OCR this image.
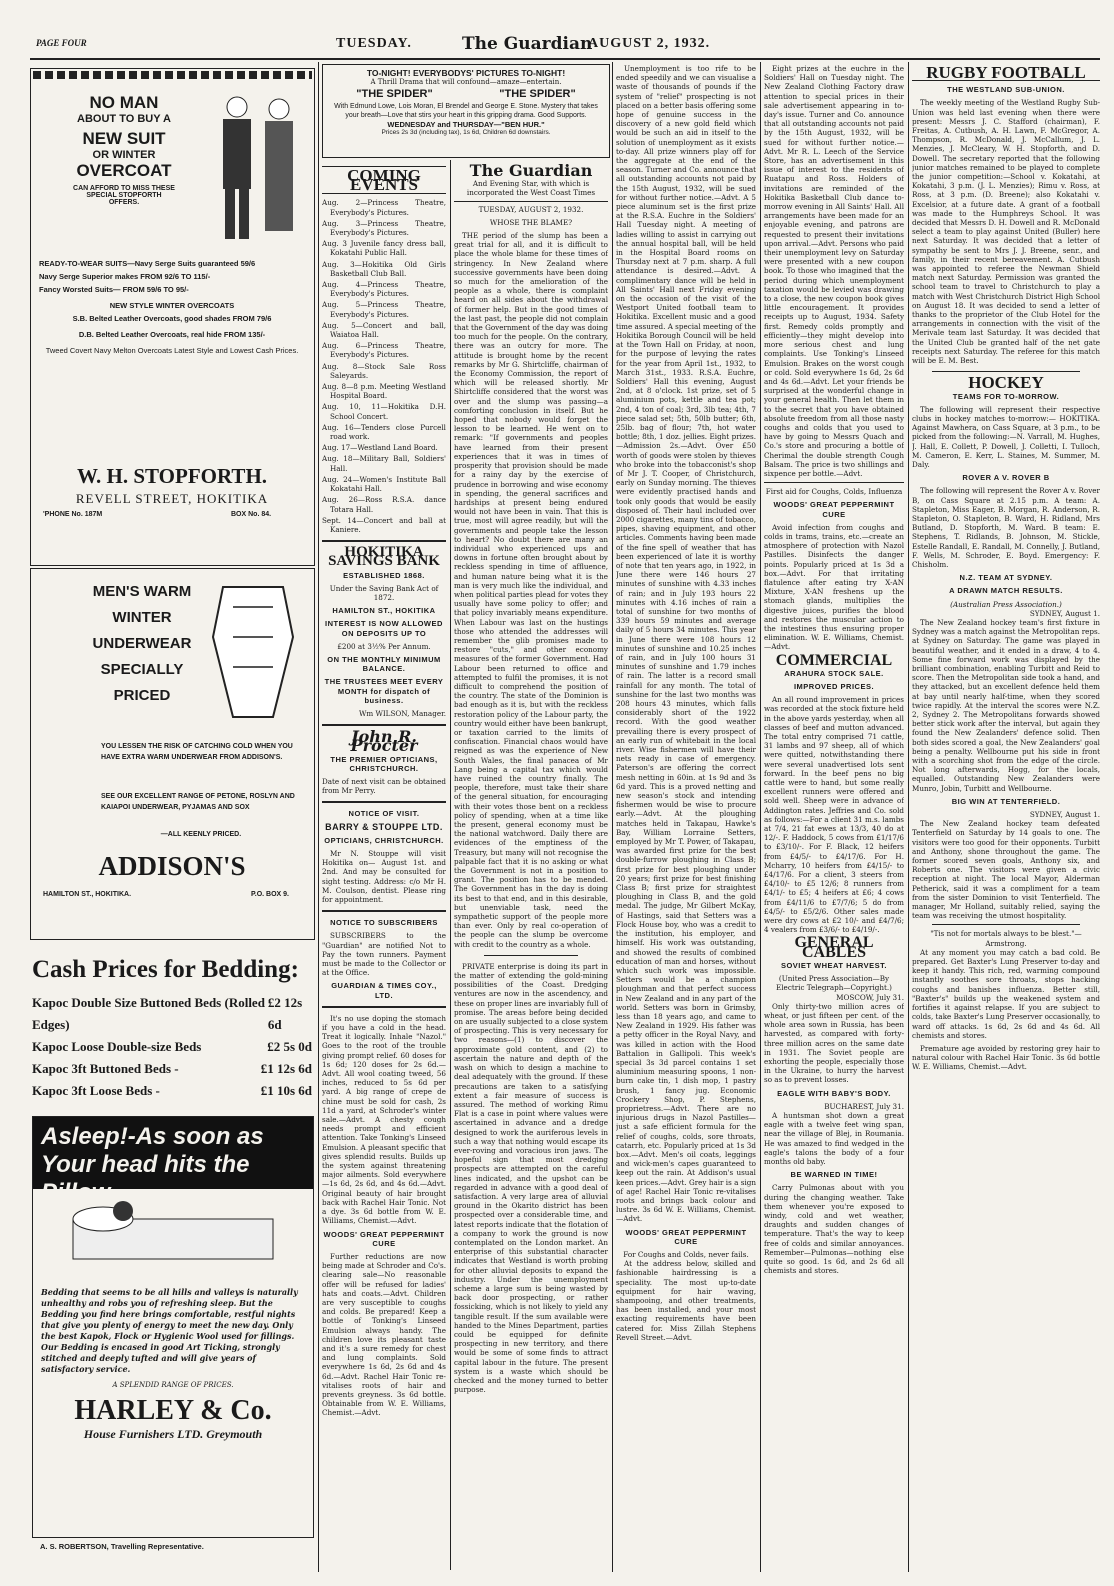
PAGE FOUR	TUESDAY.	The Guardian
AUGUST 2, 1932.
NO MAN
ABOUT TO BUY A
NEW SUIT
OR WINTER
OVERCOAT
CAN AFFORD TO MISS THESE
SPECIAL STOPFORTH
OFFERS.
READY-TO-WEAR SUITS—Navy Serge Suits guaranteed 59/6
Navy Serge Superior makes FROM 92/6 TO 115/-
Fancy Worsted Suits— FROM 59/6 TO 95/-
NEW STYLE WINTER OVERCOATS
S.B. Belted Leather Overcoats, good shades FROM 79/6
D.B. Belted Leather Overcoats, real hide FROM 135/-
Tweed Covert Navy Melton Overcoats Latest Style and Lowest Cash Prices.
W. H. STOPFORTH.
REVELL STREET, HOKITIKA
'PHONE No. 187M	BOX No. 84.
MEN'S WARM
WINTER
UNDERWEAR
SPECIALLY
PRICED
YOU LESSEN THE RISK OF CATCHING COLD WHEN YOU HAVE EXTRA WARM UNDERWEAR FROM ADDISON'S.
SEE OUR EXCELLENT RANGE OF PETONE, ROSLYN AND KAIAPOI UNDERWEAR, PYJAMAS AND SOX
—ALL KEENLY PRICED.
ADDISON'S
HAMILTON ST., HOKITIKA.	P.O. BOX 9.
Cash Prices for Bedding:
Kapoc Double Size Buttoned Beds (Rolled Edges)
£2 12s 6d
Kapoc Loose Double-size Beds	£2 5s 0d
Kapoc 3ft Buttoned Beds -	£1 12s 6d
Kapoc 3ft Loose Beds -	£1 10s 6d
Asleep!-As soon as Your head hits the Pillow
Bedding that seems to be all hills and valleys is naturally unhealthy and robs you of refreshing sleep. But the Bedding you find here brings comfortable, restful nights that give you plenty of energy to meet the new day. Only the best Kapok, Flock or Hygienic Wool used for fillings. Our Bedding is encased in good Art Ticking, strongly stitched and deeply tufted and will give years of satisfactory service.
A SPLENDID RANGE OF PRICES.
HARLEY & Co.
House Furnishers LTD. Greymouth
A. S. ROBERTSON, Travelling Representative.
TO-NIGHT! EVERYBODYS' PICTURES TO-NIGHT!
A Thrill Drama that will confound—amaze—entertain.
"THE SPIDER"	"THE SPIDER"
With Edmund Lowe, Lois Moran, El Brendel and George E. Stone. Mystery that takes your breath—Love that stirs your heart in this gripping drama. Good Supports.
WEDNESDAY and THURSDAY—"BEN HUR."
Prices 2s 3d (including tax), 1s 6d, Children 6d downstairs.
COMING EVENTS
Aug. 2—Princess Theatre, Everybody's Pictures.
Aug. 3—Princess Theatre, Everybody's Pictures.
Aug. 3 Juvenile fancy dress ball, Kokatahi Public Hall.
Aug. 3—Hokitika Old Girls Basketball Club Ball.
Aug. 4—Princess Theatre, Everybody's Pictures.
Aug. 5—Princess Theatre, Everybody's Pictures.
Aug. 5—Concert and ball, Waiatoa Hall.
Aug. 6—Princess Theatre, Everybody's Pictures.
Aug. 8—Stock Sale Ross Saleyards.
Aug. 8—8 p.m. Meeting Westland Hospital Board.
Aug. 10, 11—Hokitika D.H. School Concert.
Aug. 16—Tenders close Purcell road work.
Aug. 17—Westland Land Board.
Aug. 18—Military Ball, Soldiers' Hall.
Aug. 24—Women's Institute Ball Kokatahi Hall.
Aug. 26—Ross R.S.A. dance Totara Hall.
Sept. 14—Concert and ball at Kaniere.
HOKITIKA SAVINGS BANK
ESTABLISHED 1868.
Under the Saving Bank Act of 1872.
HAMILTON ST., HOKITIKA
INTEREST IS NOW ALLOWED ON DEPOSITS UP TO
£200 at 3½% Per Annum.
ON THE MONTHLY MINIMUM BALANCE.
THE TRUSTEES MEET EVERY MONTH for dispatch of business.
Wm WILSON, Manager.
John R. Procter
THE PREMIER OPTICIANS, CHRISTCHURCH.
Date of next visit can be obtained from Mr Perry.
NOTICE OF VISIT.
BARRY & STOUPPE LTD.
OPTICIANS, CHRISTCHURCH.

Mr N. Stouppe will visit Hokitika on— August 1st. and 2nd. And may be consulted for sight testing. Address: c/o Mr H. M. Coulson, dentist. Please ring for appointment.

NOTICE TO SUBSCRIBERS

SUBSCRIBERS to the "Guardian" are notified Not to Pay the town runners. Payment must be made to the Collector or at the Office.

GUARDIAN & TIMES COY., LTD.

It's no use doping the stomach if you have a cold in the head. Treat it logically. Inhale "Nazol." Goes to the root of the trouble giving prompt relief. 60 doses for 1s 6d; 120 doses for 2s 6d.—Advt. All wool coating tweed, 56 inches, reduced to 5s 6d per yard. A big range of crepe de chine must be sold for cash, 2s 11d a yard, at Schroder's winter sale.—Advt. A chesty cough needs prompt and efficient attention. Take Tonking's Linseed Emulsion. A pleasant specific that gives splendid results. Builds up the system against threatening major ailments. Sold everywhere—1s 6d, 2s 6d, and 4s 6d.—Advt. Original beauty of hair brought back with Rachel Hair Tonic. Not a dye. 3s 6d bottle from W. E. Williams, Chemist.—Advt.

WOODS' GREAT PEPPERMINT CURE

Further reductions are now being made at Schroder and Co's. clearing sale—No reasonable offer will be refused for ladies' hats and coats.—Advt. Children are very susceptible to coughs and colds. Be prepared! Keep a bottle of Tonking's Linseed Emulsion always handy. The children love its pleasant taste and it's a sure remedy for chest and lung complaints. Sold everywhere 1s 6d, 2s 6d and 4s 6d.—Advt. Rachel Hair Tonic re-vitalises roots of hair and prevents greyness. 3s 6d bottle. Obtainable from W. E. Williams, Chemist.—Advt.

The Guardian
And Evening Star, with which is incorporated the West Coast Times
TUESDAY, AUGUST 2, 1932.
WHOSE THE BLAME?

THE period of the slump has been a great trial for all, and it is difficult to place the whole blame for these times of stringency. In New Zealand where successive governments have been doing so much for the amelioration of the people as a whole, there is complaint heard on all sides about the withdrawal of former help. But in the good times of the last past, the people did not complain that the Government of the day was doing too much for the people. On the contrary, there was an outcry for more. The attitude is brought home by the recent remarks by Mr G. Shirtcliffe, chairman of the Economy Commission, the report of which will be released shortly. Mr Shirtcliffe considered that the worst was over and the slump was passing—a comforting conclusion in itself. But he hoped that nobody would forget the lesson to be learned. He went on to remark: "If governments and peoples have learned from their present experiences that it was in times of prosperity that provision should be made for a rainy day by the exercise of prudence in borrowing and wise economy in spending, the general sacrifices and hardships at present being endured would not have been in vain. That this is true, most will agree readily, but will the governments and people take the lesson to heart? No doubt there are many an individual who experienced ups and downs in fortune often brought about by reckless spending in time of affluence, and human nature being what it is the man is very much like the individual, and when political parties plead for votes they usually have some policy to offer; and that policy invariably means expenditure. When Labour was last on the hustings those who attended the addresses will remember the glib promises made to restore "cuts," and other economy measures of the former Government. Had Labour been returned to office and attempted to fulfil the promises, it is not difficult to comprehend the position of the country. The state of the Dominion is bad enough as it is, but with the reckless restoration policy of the Labour party, the country would either have been bankrupt, or taxation carried to the limits of confiscation. Financial chaos would have reigned as was the experience of New South Wales, the final panacea of Mr Lang being a capital tax which would have ruined the country finally. The people, therefore, must take their share of the general situation, for encouraging with their votes those bent on a reckless policy of spending, when at a time like the present, general economy must be the national watchword. Daily there are evidences of the emptiness of the Treasury, but many will not recognise the palpable fact that it is no asking or what the Government is not in a position to grant. The position has to be mended. The Government has in the day is doing its best to that end, and in this desirable, but unenviable task, need the sympathetic support of the people more than ever. Only by real co-operation of the people can the slump be overcome with credit to the country as a whole.

PRIVATE enterprise is doing its part in the matter of extending the gold-mining possibilities of the Coast. Dredging ventures are now in the ascendency, and these on proper lines are invariably full of promise. The areas before being decided on are usually subjected to a close system of prospecting. This is very necessary for two reasons—(1) to discover the approximate gold content, and (2) to ascertain the nature and depth of the wash on which to design a machine to deal adequately with the ground. If these precautions are taken to a satisfying extent a fair measure of success is assured. The method of working Rimu Flat is a case in point where values were ascertained in advance and a dredge designed to work the auriferous levels in such a way that nothing would escape its ever-roving and voracious iron jaws. The hopeful sign that most dredging prospects are attempted on the careful lines indicated, and the upshot can be regarded in advance with a good deal of satisfaction. A very large area of alluvial ground in the Okarito district has been prospected over a considerable time, and latest reports indicate that the flotation of a company to work the ground is now contemplated on the London market. An enterprise of this substantial character indicates that Westland is worth probing for other alluvial deposits to expand the industry. Under the unemployment scheme a large sum is being wasted by back door prospecting, or rather fossicking, which is not likely to yield any tangible result. If the sum available were handed to the Mines Department, parties could be equipped for definite prospecting in new territory, and there would be some of some finds to attract capital labour in the future. The present system is a waste which should be checked and the money turned to better purpose.

Unemployment is too rife to be ended speedily and we can visualise a waste of thousands of pounds if the system of "relief" prospecting is not placed on a better basis offering some hope of genuine success in the discovery of a new gold field which would be such an aid in itself to the solution of unemployment as it exists to-day. All prize winners play off for the aggregate at the end of the season. Turner and Co. announce that all outstanding accounts not paid by the 15th August, 1932, will be sued for without further notice.—Advt. A 5 piece aluminum set is the first prize at the R.S.A. Euchre in the Soldiers' Hall Tuesday night. A meeting of ladies willing to assist in carrying out the annual hospital ball, will be held in the Hospital Board rooms on Thursday next at 7 p.m. sharp. A full attendance is desired.—Advt. A complimentary dance will be held in All Saints' Hall next Friday evening on the occasion of the visit of the Westport United football team to Hokitika. Excellent music and a good time assured. A special meeting of the Hokitika Borough Council will be held at the Town Hall on Friday, at noon, for the purpose of levying the rates for the year from April 1st., 1932, to March 31st., 1933. R.S.A. Euchre, Soldiers' Hall this evening, August 2nd, at 8 o'clock. 1st prize, set of 5 aluminium pots, kettle and tea pot; 2nd, 4 ton of coal; 3rd, 3lb tea; 4th, 7 piece salad set; 5th, 50lb butter; 6th, 25lb. bag of flour; 7th, hot water bottle; 8th, 1 doz. jellies. Eight prizes.—Admission 2s.—Advt. Over £50 worth of goods were stolen by thieves who broke into the tobacconist's shop of Mr J. T. Cooper, of Christchurch, early on Sunday morning. The thieves were evidently practised hands and took only goods that would be easily disposed of. Their haul included over 2000 cigarettes, many tins of tobacco, pipes, shaving equipment, and other articles. Comments having been made of the fine spell of weather that has been experienced of late it is worthy of note that ten years ago, in 1922, in June there were 146 hours 27 minutes of sunshine with 4.33 inches of rain; and in July 193 hours 22 minutes with 4.16 inches of rain a total of sunshine for two months of 339 hours 59 minutes and average daily of 5 hours 34 minutes. This year in June there were 108 hours 12 minutes of sunshine and 10.25 inches of rain, and in July 100 hours 31 minutes of sunshine and 1.79 inches of rain. The latter is a record small rainfall for any month. The total of sunshine for the last two months was 208 hours 43 minutes, which falls considerably short of the 1922 record. With the good weather prevailing there is every prospect of an early run of whitebait in the local river. Wise fishermen will have their nets ready in case of emergency. Paterson's are offering the correct mesh netting in 60in. at 1s 9d and 3s 6d yard. This is a proved netting and new season's stock and intending fishermen would be wise to procure early.—Advt. At the ploughing matches held in Takapau, Hawke's Bay, William Lorraine Setters, employed by Mr T. Power, of Takapau, was awarded first prize for the best double-furrow ploughing in Class B; first prize for best ploughing under 20 years; first prize for best finishing Class B; first prize for straightest ploughing in Class B, and the gold medal. The judge, Mr Gilbert McKay, of Hastings, said that Setters was a Flock House boy, who was a credit to the institution, his employer, and himself. His work was outstanding, and showed the results of combined education of man and horses, without which such work was impossible. Setters would be a champion ploughman and that perfect success in New Zealand and in any part of the world. Setters was born in Grimsby, less than 18 years ago, and came to New Zealand in 1929. His father was a petty officer in the Royal Navy, and was killed in action with the Hood Battalion in Gallipoli. This week's special 3s 3d parcel contains 1 set aluminium measuring spoons, 1 non-burn cake tin, 1 dish mop, 1 pastry brush, 1 fancy jug. Economic Crockery Shop, P. Stephens, proprietress.—Advt. There are no injurious drugs in Nazol Pastilles—just a safe efficient formula for the relief of coughs, colds, sore throats, catarrh, etc. Popularly priced at 1s 3d box.—Advt. Men's oil coats, leggings and wick-men's capes guaranteed to keep out the rain. At Addison's usual keen prices.—Advt. Grey hair is a sign of age! Rachel Hair Tonic re-vitalises roots and brings back colour and lustre. 3s 6d W. E. Williams, Chemist.—Advt.

WOODS' GREAT PEPPERMINT CURE
For Coughs and Colds, never fails.

At the address below, skilled and fashionable hairdressing is a speciality. The most up-to-date equipment for hair waving, shampooing, and other treatments, has been installed, and your most exacting requirements have been catered for. Miss Zillah Stephens Revell Street.—Advt.

Eight prizes at the euchre in the Soldiers' Hall on Tuesday night. The New Zealand Clothing Factory draw attention to special prices in their sale advertisement appearing in to-day's issue. Turner and Co. announce that all outstanding accounts not paid by the 15th August, 1932, will be sued for without further notice.—Advt. Mr R. L. Leech of the Service Store, has an advertisement in this issue of interest to the residents of Ruatapu and Ross. Holders of invitations are reminded of the Hokitika Basketball Club dance to-morrow evening in All Saints' Hall. All arrangements have been made for an enjoyable evening, and patrons are requested to present their invitations upon arrival.—Advt. Persons who paid their unemployment levy on Saturday were presented with a new coupon book. To those who imagined that the period during which unemployment taxation would be levied was drawing to a close, the new coupon book gives little encouragement. It provides receipts up to August, 1934. Safety first. Remedy colds promptly and efficiently—they might develop into more serious chest and lung complaints. Use Tonking's Linseed Emulsion. Brakes on the worst cough or cold. Sold everywhere 1s 6d, 2s 6d and 4s 6d.—Advt. Let your friends be surprised at the wonderful change in your general health. Then let them in to the secret that you have obtained absolute freedom from all those nasty coughs and colds that you used to have by going to Messrs Quach and Co.'s store and procuring a bottle of Cherimal the double strength Cough Balsam. The price is two shillings and sixpence per bottle.—Advt.

First aid for Coughs, Colds, Influenza
WOODS' GREAT PEPPERMINT CURE

Avoid infection from coughs and colds in trams, trains, etc.—create an atmosphere of protection with Nazol Pastilles. Disinfects the danger points. Popularly priced at 1s 3d a box.—Advt. For that irritating flatulence after eating try X-AN Mixture, X-AN freshens up the stomach glands, multiplies the digestive juices, purifies the blood and restores the muscular action to the intestines thus ensuring proper elimination. W. E. Williams, Chemist.—Advt.

COMMERCIAL
ARAHURA STOCK SALE.
IMPROVED PRICES.

An all round improvement in prices was recorded at the stock fixture held in the above yards yesterday, when all classes of beef and mutton advanced. The total entry comprised 71 cattle, 31 lambs and 97 sheep, all of which were quitted, notwithstanding there were several unadvertised lots sent forward. In the beef pens no big cattle were to hand, but some really excellent runners were offered and sold well. Sheep were in advance of Addington rates. Jeffries and Co. sold as follows:—For a client 31 m.s. lambs at 7/4, 21 fat ewes at 13/3, 40 do at 12/-. F. Haddock, 5 cows from £1/17/6 to £3/10/-. For F. Black, 12 heifers from £4/5/- to £4/17/6. For H. Mcharry, 10 heifers from £4/15/- to £4/17/6. For a client, 3 steers from £4/10/- to £5 12/6; 8 runners from £4/1/- to £5; 4 heifers at £6; 4 cows from £4/11/6 to £7/7/6; 5 do from £4/5/- to £5/2/6. Other sales made were dry cows at £2 10/- and £4/7/6; 4 vealers from £3/6/- to £4/19/-.

GENERAL CABLES
SOVIET WHEAT HARVEST.
(United Press Association—By Electric Telegraph—Copyright.)
MOSCOW, July 31.

Only thirty-two million acres of wheat, or just fifteen per cent. of the whole area sown in Russia, has been harvested, as compared with forty-three million acres on the same date in 1931. The Soviet people are exhorting the people, especially those in the Ukraine, to hurry the harvest so as to prevent losses.

EAGLE WITH BABY'S BODY.
BUCHAREST, July 31.

A huntsman shot down a great eagle with a twelve feet wing span, near the village of Blej, in Roumania. He was amazed to find wedged in the eagle's talons the body of a four months old baby.

BE WARNED IN TIME!

Carry Pulmonas about with you during the changing weather. Take them whenever you're exposed to windy, cold and wet weather, draughts and sudden changes of temperature. That's the way to keep free of colds and similar annoyances. Remember—Pulmonas—nothing else quite so good. 1s 6d, and 2s 6d all chemists and stores.

RUGBY FOOTBALL
THE WESTLAND SUB-UNION.

The weekly meeting of the Westland Rugby Sub-Union was held last evening when there were present: Messrs J. C. Stafford (chairman), F. Freitas, A. Cutbush, A. H. Lawn, F. McGregor, A. Thompson, R. McDonald, J. McCallum, J. L. Menzies, J. McCleary, W. H. Stopforth, and D. Dowell. The secretary reported that the following junior matches remained to be played to complete the junior competition:—School v. Kokatahi, at Kokatahi, 3 p.m. (J. L. Menzies); Rimu v. Ross, at Ross, at 3 p.m. (D. Breene); also Kokatahi v. Excelsior, at a future date. A grant of a football was made to the Humphreys School. It was decided that Messrs D. H. Dowell and R. McDonald select a team to play against United (Buller) here next Saturday. It was decided that a letter of sympathy be sent to Mrs J. J. Breene, senr., and family, in their recent bereavement. A. Cutbush was appointed to referee the Newman Shield match next Saturday. Permission was granted the school team to travel to Christchurch to play a match with West Christchurch District High School on August 18. It was decided to send a letter of thanks to the proprietor of the Club Hotel for the arrangements in connection with the visit of the Merivale team last Saturday. It was decided that the United Club be granted half of the net gate receipts next Saturday. The referee for this match will be E. M. Best.

HOCKEY
TEAMS FOR TO-MORROW.

The following will represent their respective clubs in hockey matches to-morrow:— HOKITIKA. Against Mawhera, on Cass Square, at 3 p.m., to be picked from the following:—N. Varrall, M. Hughes, J. Hall, E. Collett, P. Dowell, J. Colletti, I. Tulloch, M. Cameron, E. Kerr, L. Staines, M. Summer, M. Daly.

ROVER A V. ROVER B

The following will represent the Rover A v. Rover B, on Cass Square at 2.15 p.m. A team: A. Stapleton, Miss Eager, B. Morgan, R. Anderson, R. Stapleton, O. Stapleton, B. Ward, H. Ridland, Mrs Butland, D. Stopforth, M. Ward. B team: E. Stephens, T. Ridlands, B. Johnson, M. Stickle, Estelle Randall, E. Randall, M. Connelly, J. Butland, F. Wells, M. Schroder, E. Boyd. Emergency: F. Chisholm.

N.Z. TEAM AT SYDNEY.
A DRAWN MATCH RESULTS.
(Australian Press Association.)
SYDNEY, August 1.

The New Zealand hockey team's first fixture in Sydney was a match against the Metropolitan reps. at Sydney on Saturday. The game was played in beautiful weather, and it ended in a draw, 4 to 4. Some fine forward work was displayed by the brilliant combination, enabling Turbitt and Reid to score. Then the Metropolitan side took a hand, and they attacked, but an excellent defence held them at bay until nearly half-time, when they scored twice rapidly. At the interval the scores were N.Z. 2, Sydney 2. The Metropolitans forwards showed better stick work after the interval, but again they found the New Zealanders' defence solid. Then both sides scored a goal, the New Zealanders' goal being a penalty. Wellbourne put his side in front with a scorching shot from the edge of the circle. Not long afterwards, Hogg, for the locals, equalled. Outstanding New Zealanders were Munro, Jobin, Turbitt and Wellbourne.

BIG WIN AT TENTERFIELD.
SYDNEY, August 1.

The New Zealand hockey team defeated Tenterfield on Saturday by 14 goals to one. The visitors were too good for their opponents. Turbitt and Anthony, shone throughout the game. The former scored seven goals, Anthony six, and Roberts one. The visitors were given a civic reception at night. The local Mayor, Alderman Petherick, said it was a compliment for a team from the sister Dominion to visit Tenterfield. The manager, Mr Holland, suitably relied, saying the team was receiving the utmost hospitality.

"Tis not for mortals always to be blest."—Armstrong.

At any moment you may catch a bad cold. Be prepared. Get Baxter's Lung Preserver to-day and keep it handy. This rich, red, warming compound instantly soothes sore throats, stops hacking coughs and banishes influenza. Better still, "Baxter's" builds up the weakened system and fortifies it against relapse. If you are subject to colds, take Baxter's Lung Preserver occasionally, to ward off attacks. 1s 6d, 2s 6d and 4s 6d. All chemists and stores.

Premature age avoided by restoring grey hair to natural colour with Rachel Hair Tonic. 3s 6d bottle W. E. Williams, Chemist.—Advt.
